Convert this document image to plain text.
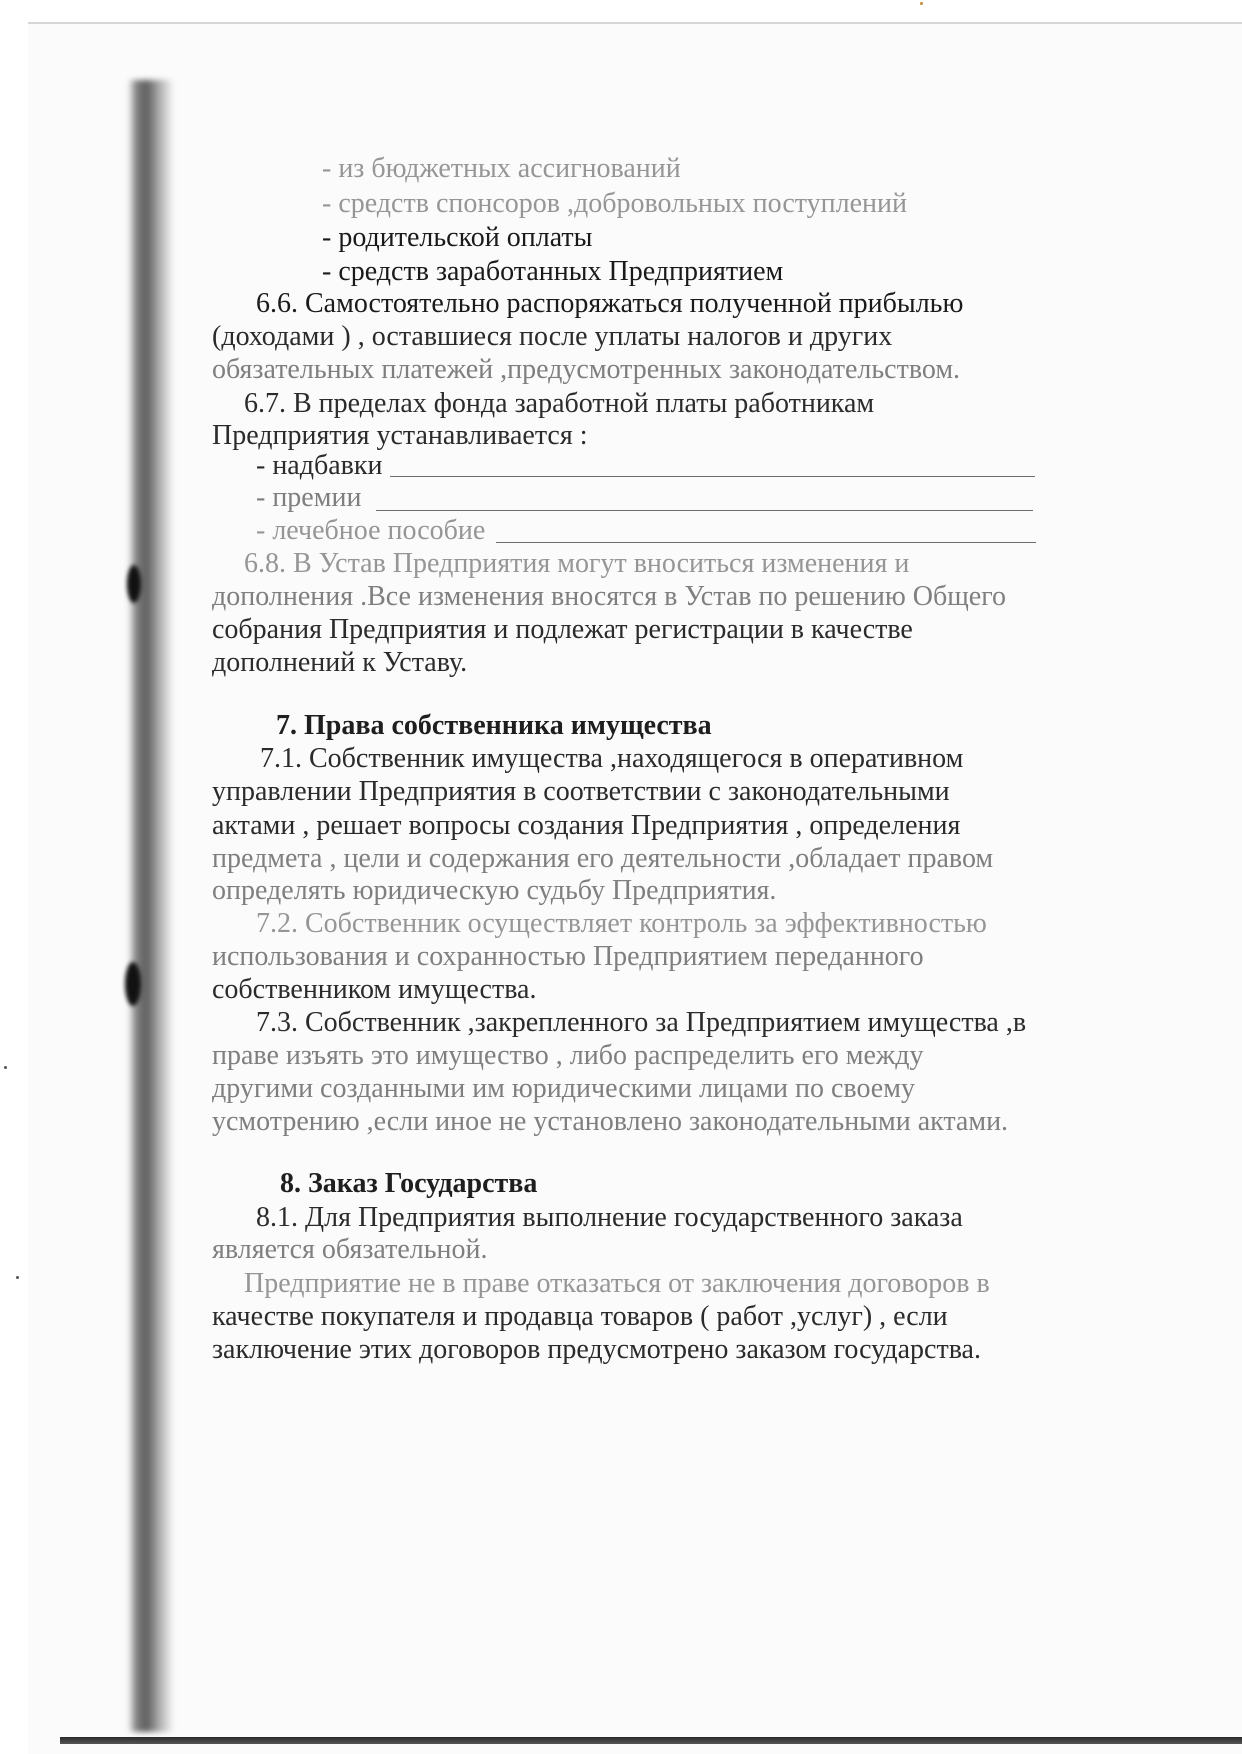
- из бюджетных ассигнований
- средств спонсоров ,добровольных поступлений
- родительской оплаты
- средств заработанных Предприятием
6.6. Самостоятельно распоряжаться полученной прибылью
(доходами ) , оставшиеся после уплаты налогов и других
обязательных платежей ,предусмотренных законодательством.
6.7. В пределах фонда заработной платы работникам
Предприятия устанавливается :
- надбавки
- премии
- лечебное пособие
6.8. В Устав Предприятия могут вноситься изменения и
дополнения .Все изменения вносятся в Устав по решению Общего
собрания Предприятия и подлежат регистрации в качестве
дополнений к Уставу.
7. Права собственника имущества
7.1. Собственник имущества ,находящегося в оперативном
управлении Предприятия в соответствии с законодательными
актами , решает вопросы создания Предприятия , определения
предмета , цели и содержания его деятельности ,обладает правом
определять юридическую судьбу Предприятия.
7.2. Собственник осуществляет контроль за эффективностью
использования и сохранностью Предприятием переданного
собственником имущества.
7.3. Собственник ,закрепленного за Предприятием имущества ,в
праве изъять это имущество , либо распределить его между
другими созданными им юридическими лицами по своему
усмотрению ,если иное не установлено законодательными актами.
8. Заказ Государства
8.1. Для Предприятия выполнение государственного заказа
является обязательной.
Предприятие не в праве отказаться от заключения договоров в
качестве покупателя и продавца товаров ( работ ,услуг) , если
заключение этих договоров предусмотрено заказом государства.
